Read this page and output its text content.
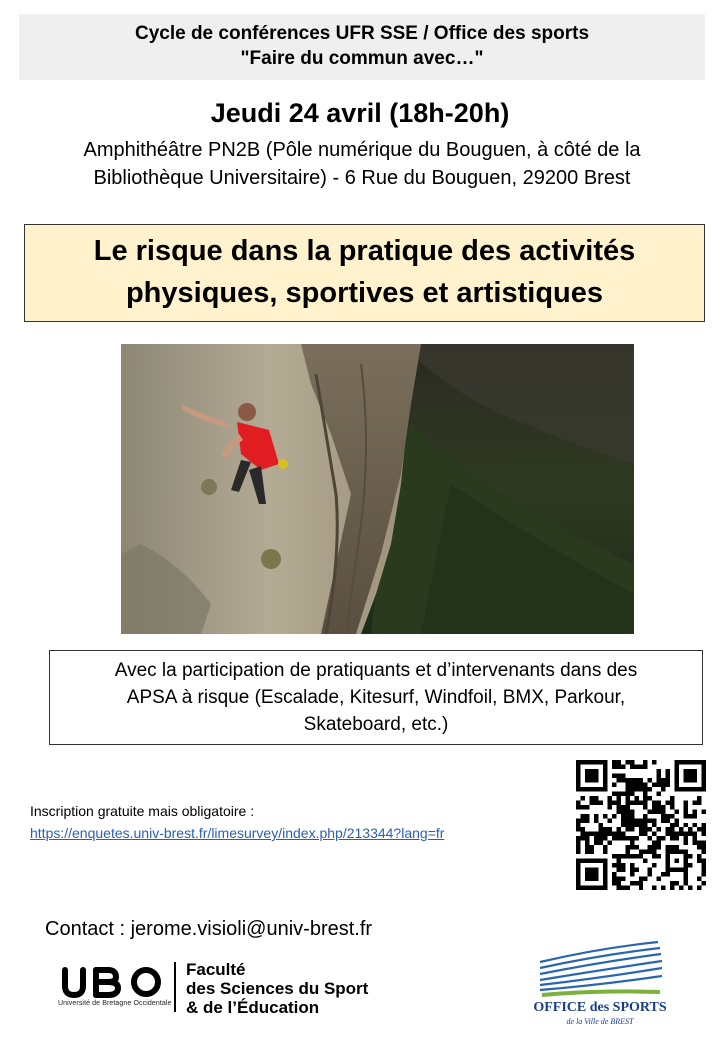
Cycle de conférences UFR SSE / Office des sports
"Faire du commun avec…"
Jeudi 24 avril (18h-20h)
Amphithéâtre PN2B (Pôle numérique du Bouguen, à côté de la
Bibliothèque Universitaire) - 6 Rue du Bouguen, 29200 Brest
Le risque dans la pratique des activités
physiques, sportives et artistiques
Avec la participation de pratiquants et d’intervenants dans des
APSA à risque (Escalade, Kitesurf, Windfoil, BMX, Parkour,
Skateboard, etc.)
Inscription gratuite mais obligatoire :
https://enquetes.univ-brest.fr/limesurvey/index.php/213344?lang=fr
Contact : jerome.visioli@univ-brest.fr
Université de Bretagne Occidentale
Faculté
des Sciences du Sport
& de l’Éducation	OFFICE des SPORTS
de la Ville de BREST
